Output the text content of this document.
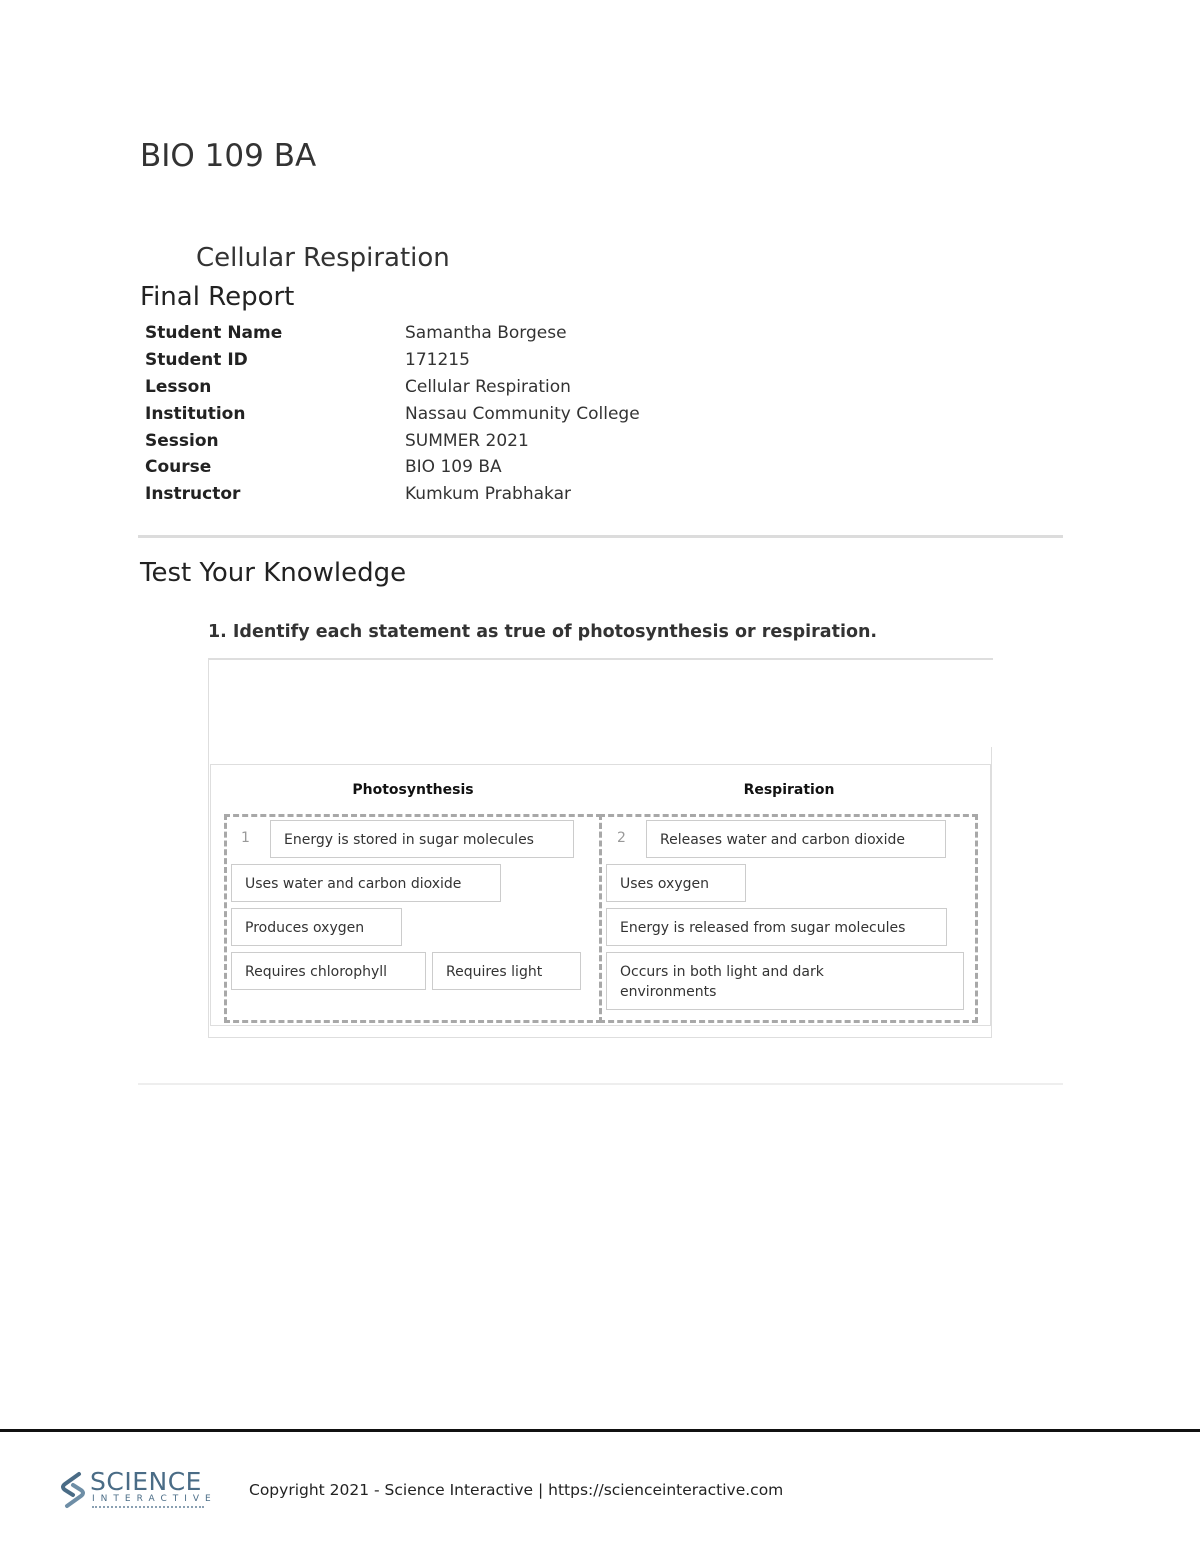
BIO 109 BA
Cellular Respiration
Final Report
Student Name	Samantha Borgese
Student ID	171215
Lesson	Cellular Respiration
Institution	Nassau Community College
Session	SUMMER 2021
Course	BIO 109 BA
Instructor	Kumkum Prabhakar
Test Your Knowledge
1. Identify each statement as true of photosynthesis or respiration.
Photosynthesis	Respiration
1	Energy is stored in sugar molecules
Uses water and carbon dioxide
Produces oxygen
Requires chlorophyll	Requires light
2	Releases water and carbon dioxide
Uses oxygen
Energy is released from sugar molecules
Occurs in both light and dark environments
SCIENCE
INTERACTIVE Copyright 2021 - Science Interactive | https://scienceinteractive.com
